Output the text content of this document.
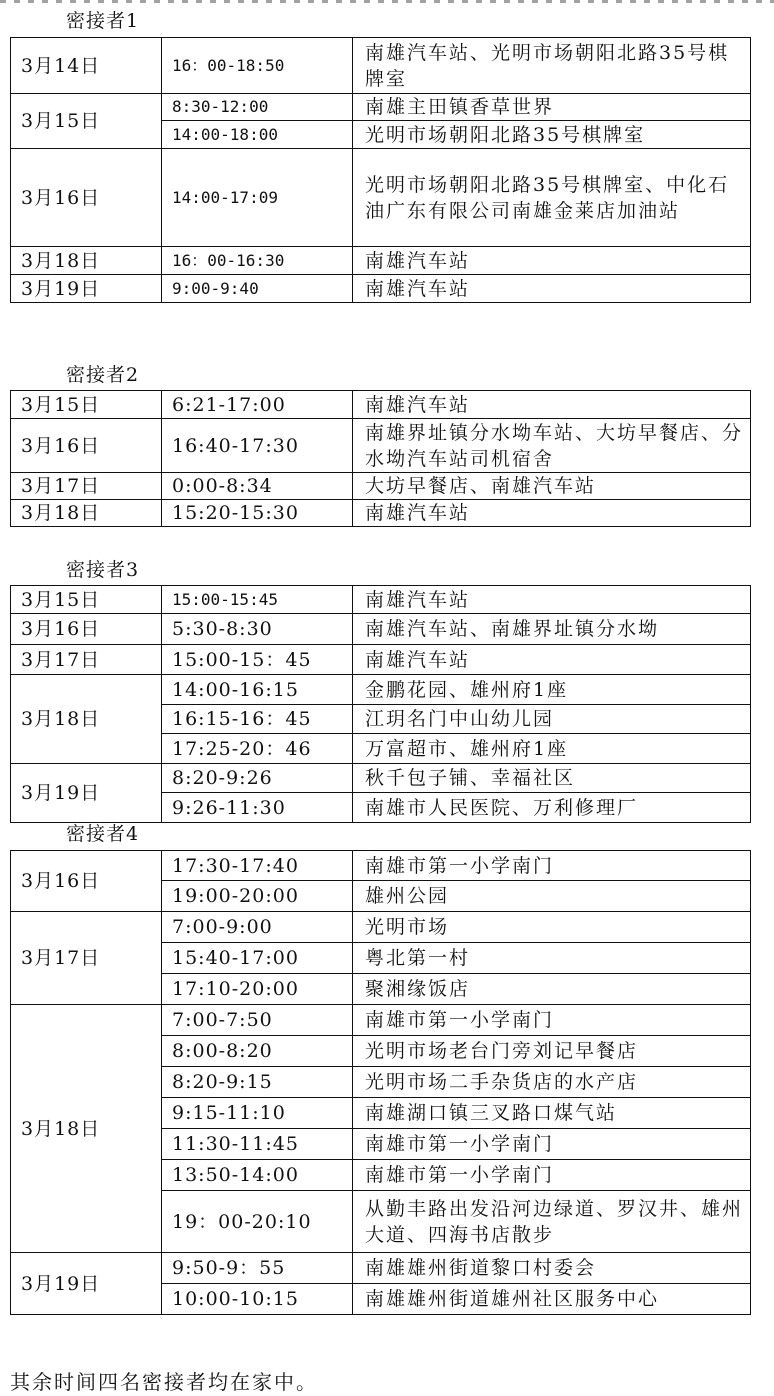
密接者1
3月14日	16：00-18:50	南雄汽车站、光明市场朝阳北路35号棋牌室
3月15日	8:30-12:00	南雄主田镇香草世界
	14:00-18:00	光明市场朝阳北路35号棋牌室
3月16日	14:00-17:09	光明市场朝阳北路35号棋牌室、中化石油广东有限公司南雄金莱店加油站
3月18日	16：00-16:30	南雄汽车站
3月19日	9:00-9:40	南雄汽车站
密接者2
3月15日	6:21-17:00	南雄汽车站
3月16日	16:40-17:30	南雄界址镇分水坳车站、大坊早餐店、分水坳汽车站司机宿舍
3月17日	0:00-8:34	大坊早餐店、南雄汽车站
3月18日	15:20-15:30	南雄汽车站
密接者3
3月15日	15:00-15:45	南雄汽车站
3月16日	5:30-8:30	南雄汽车站、南雄界址镇分水坳
3月17日	15:00-15：45	南雄汽车站
3月18日	14:00-16:15	金鹏花园、雄州府1座
	16:15-16：45	江玥名门中山幼儿园
	17:25-20：46	万富超市、雄州府1座
3月19日	8:20-9:26	秋千包子铺、幸福社区
	9:26-11:30	南雄市人民医院、万利修理厂
密接者4
3月16日	17:30-17:40	南雄市第一小学南门
	19:00-20:00	雄州公园
3月17日	7:00-9:00	光明市场
	15:40-17:00	粤北第一村
	17:10-20:00	聚湘缘饭店
3月18日	7:00-7:50	南雄市第一小学南门
	8:00-8:20	光明市场老台门旁刘记早餐店
	8:20-9:15	光明市场二手杂货店的水产店
	9:15-11:10	南雄湖口镇三叉路口煤气站
	11:30-11:45	南雄市第一小学南门
	13:50-14:00	南雄市第一小学南门
	19：00-20:10	从勤丰路出发沿河边绿道、罗汉井、雄州大道、四海书店散步
3月19日	9:50-9：55	南雄雄州街道黎口村委会
	10:00-10:15	南雄雄州街道雄州社区服务中心
其余时间四名密接者均在家中。
